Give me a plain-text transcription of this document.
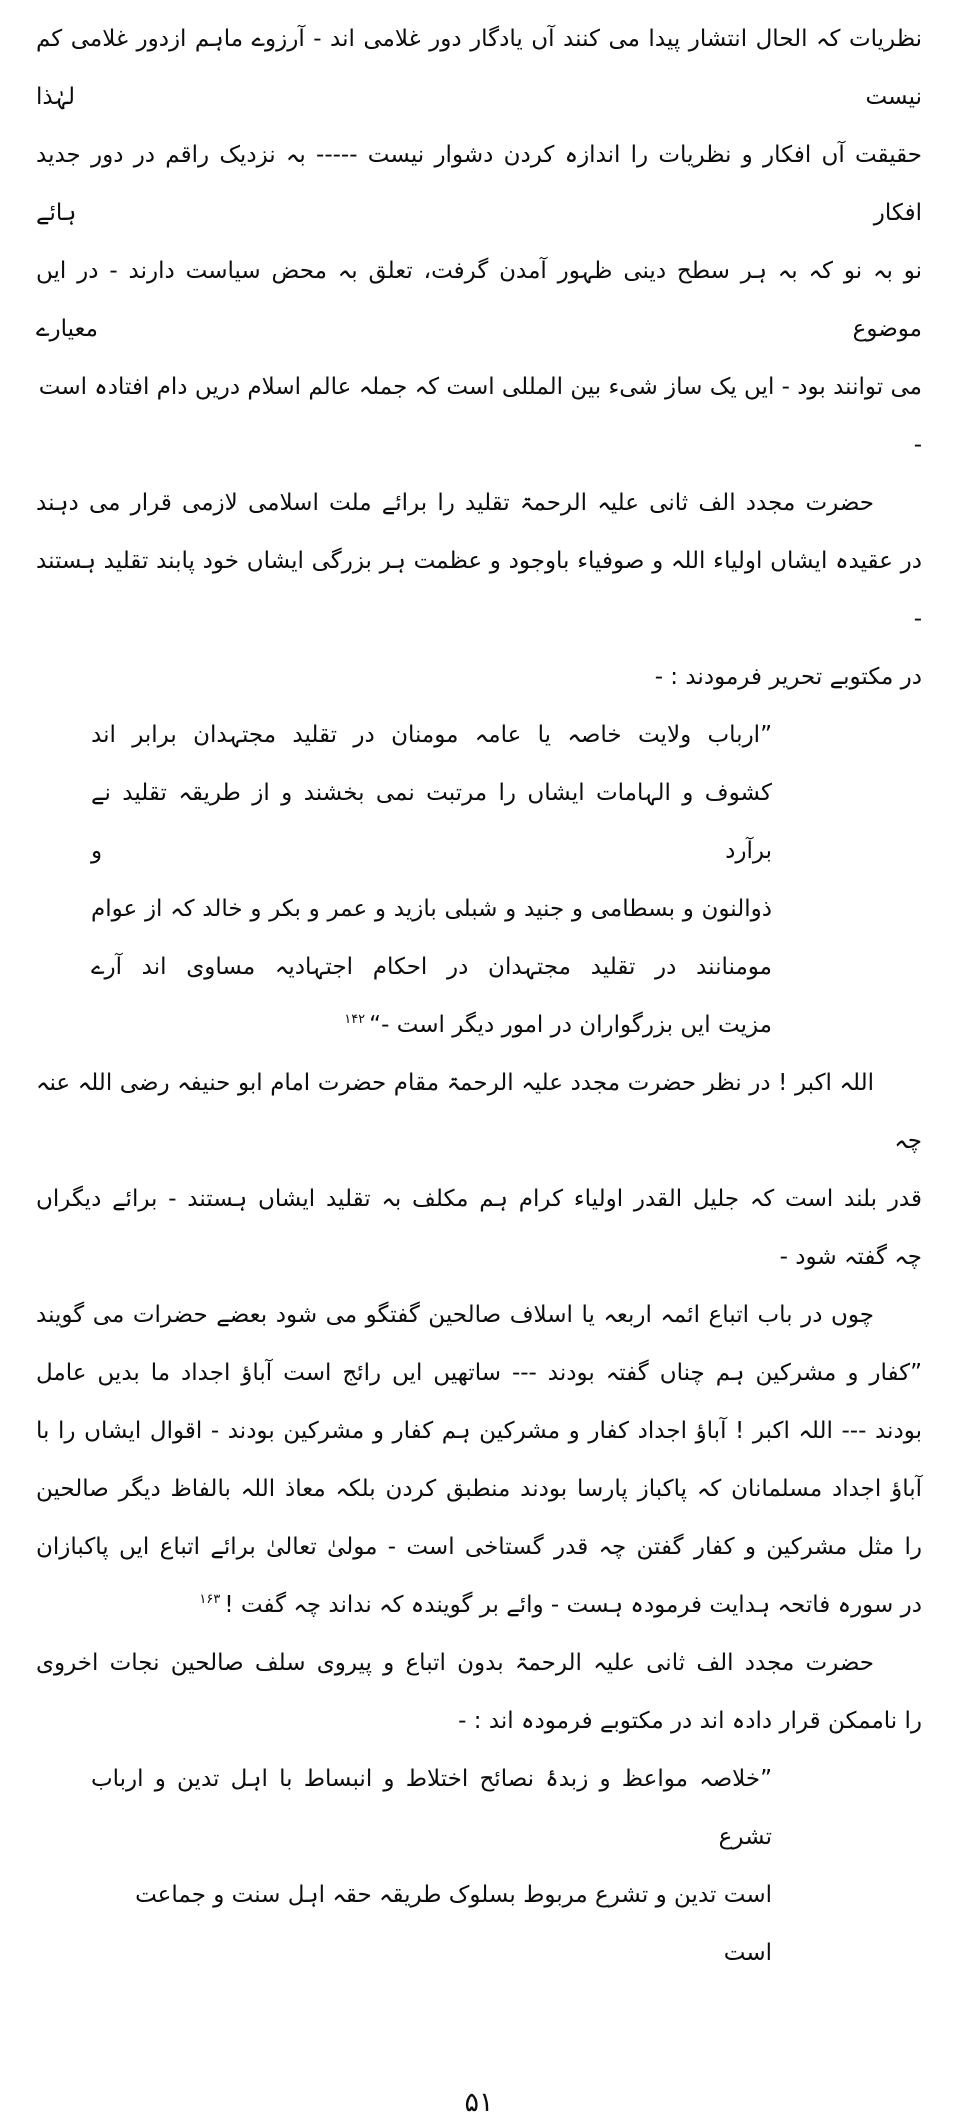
نظریات کہ الحال انتشار پیدا می کنند آں یادگار دور غلامی اند - آرزوے ماہم ازدور غلامی کم نیست لہٰذا
حقیقت آں افکار و نظریات را اندازہ کردن دشوار نیست ----- بہ نزدیک راقم در دور جدید افکار ہائے
نو بہ نو کہ بہ ہر سطح دینی ظہور آمدن گرفت، تعلق بہ محض سیاست دارند - در ایں موضوع معیارے
می توانند بود - ایں یک ساز شیء بین المللی است کہ جملہ عالم اسلام دریں دام افتادہ است -
حضرت مجدد الف ثانی علیہ الرحمۃ تقلید را برائے ملت اسلامی لازمی قرار می دہند
در عقیدہ ایشاں اولیاء اللہ و صوفیاء باوجود و عظمت ہر بزرگی ایشاں خود پابند تقلید ہستند -
در مکتوبے تحریر فرمودند : -
”ارباب ولایت خاصہ یا عامہ مومنان در تقلید مجتہدان برابر اند
کشوف و الہامات ایشاں را مرتبت نمی بخشند و از طریقہ تقلید نے برآرد و
ذوالنون و بسطامی و جنید و شبلی بازید و عمر و بکر و خالد کہ از عوام
مومنانند در تقلید مجتہدان در احکام اجتہادیہ مساوی اند آرے
مزیت ایں بزرگواران در امور دیگر است -“$^{۱۴۲}$
اللہ اکبر ! در نظر حضرت مجدد علیہ الرحمۃ مقام حضرت امام ابو حنیفہ رضی اللہ عنہ چہ
قدر بلند است کہ جلیل القدر اولیاء کرام ہم مکلف بہ تقلید ایشاں ہستند - برائے دیگراں
چہ گفتہ شود -
چوں در باب اتباع ائمہ اربعہ یا اسلاف صالحین گفتگو می شود بعضے حضرات می گویند
”کفار و مشرکین ہم چناں گفتہ بودند --- ساتھیں ایں رائج است آباؤ اجداد ما بدیں عامل
بودند --- اللہ اکبر ! آباؤ اجداد کفار و مشرکین ہم کفار و مشرکین بودند - اقوال ایشاں را با
آباؤ اجداد مسلمانان کہ پاکباز پارسا بودند منطبق کردن بلکہ معاذ اللہ بالفاظ دیگر صالحین
را مثل مشرکین و کفار گفتن چہ قدر گستاخی است - مولیٰ تعالیٰ برائے اتباع ایں پاکبازان
در سورہ فاتحہ ہدایت فرمودہ ہست - وائے بر گویندہ کہ نداند چہ گفت !$^{۱۶۳}$
حضرت مجدد الف ثانی علیہ الرحمۃ بدون اتباع و پیروی سلف صالحین نجات اخروی
را ناممکن قرار دادہ اند در مکتوبے فرمودہ اند : -
”خلاصہ مواعظ و زبدۂ نصائح اختلاط و انبساط با اہل تدین و ارباب تشرع
است تدین و تشرع مربوط بسلوک طریقہ حقہ اہل سنت و جماعت است
۵۱
